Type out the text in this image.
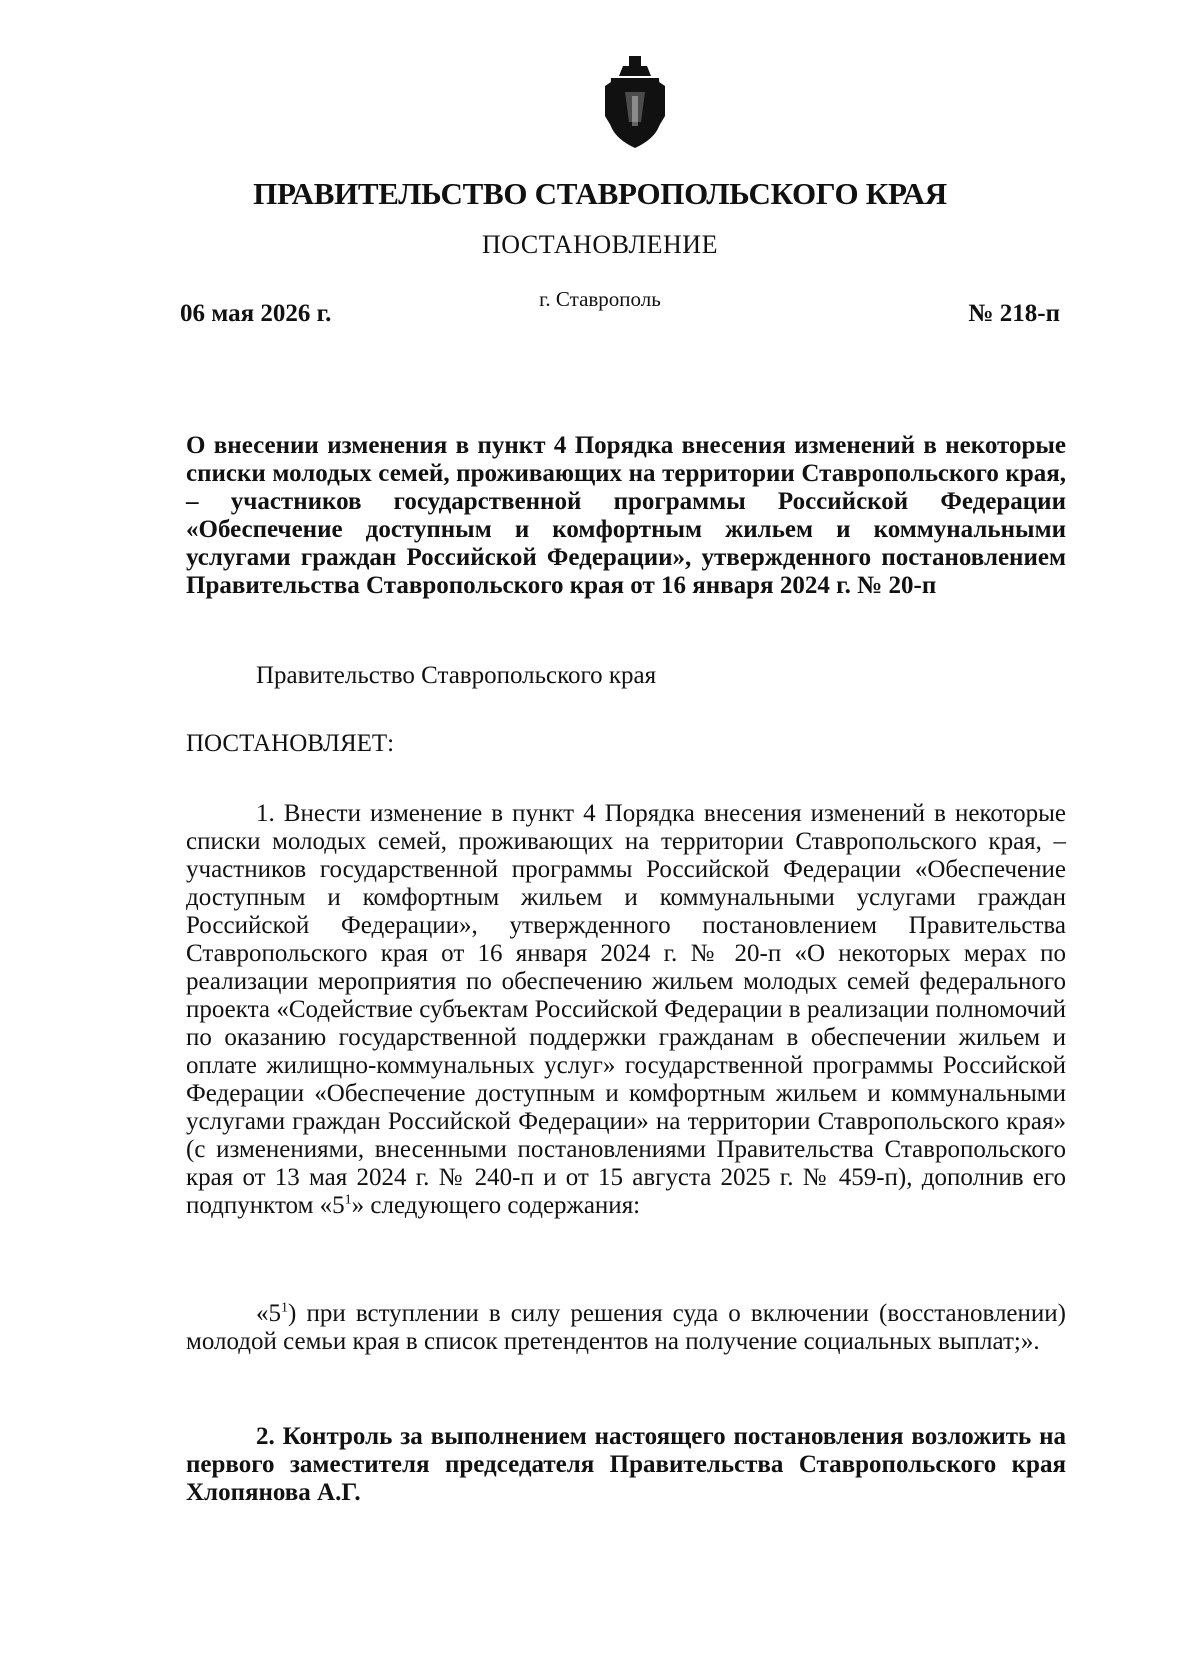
ПРАВИТЕЛЬСТВО СТАВРОПОЛЬСКОГО КРАЯ
ПОСТАНОВЛЕНИЕ
06 мая 2026 г.
г. Ставрополь
№ 218-п
О внесении изменения в пункт 4 Порядка внесения изменений в некоторые списки молодых семей, проживающих на территории Ставропольского края, – участников государственной программы Российской Федерации «Обеспечение доступным и комфортным жильем и коммунальными услугами граждан Российской Федерации», утвержденного постановлением Правительства Ставропольского края от 16 января 2024 г. № 20-п
Правительство Ставропольского края
ПОСТАНОВЛЯЕТ:
1. Внести изменение в пункт 4 Порядка внесения изменений в некоторые списки молодых семей, проживающих на территории Ставропольского края, – участников государственной программы Российской Федерации «Обеспечение доступным и комфортным жильем и коммунальными услугами граждан Российской Федерации», утвержденного постановлением Правительства Ставропольского края от 16 января 2024 г. № 20-п «О некоторых мерах по реализации мероприятия по обеспечению жильем молодых семей федерального проекта «Содействие субъектам Российской Федерации в реализации полномочий по оказанию государственной поддержки гражданам в обеспечении жильем и оплате жилищно-коммунальных услуг» государственной программы Российской Федерации «Обеспечение доступным и комфортным жильем и коммунальными услугами граждан Российской Федерации» на территории Ставропольского края» (с изменениями, внесенными постановлениями Правительства Ставропольского края от 13 мая 2024 г. № 240-п и от 15 августа 2025 г. № 459-п), дополнив его подпунктом «$5^1$» следующего содержания:
«$5^1$) при вступлении в силу решения суда о включении (восстановлении) молодой семьи края в список претендентов на получение социальных выплат;».
2. Контроль за выполнением настоящего постановления возложить на первого заместителя председателя Правительства Ставропольского края Хлопянова А.Г.
